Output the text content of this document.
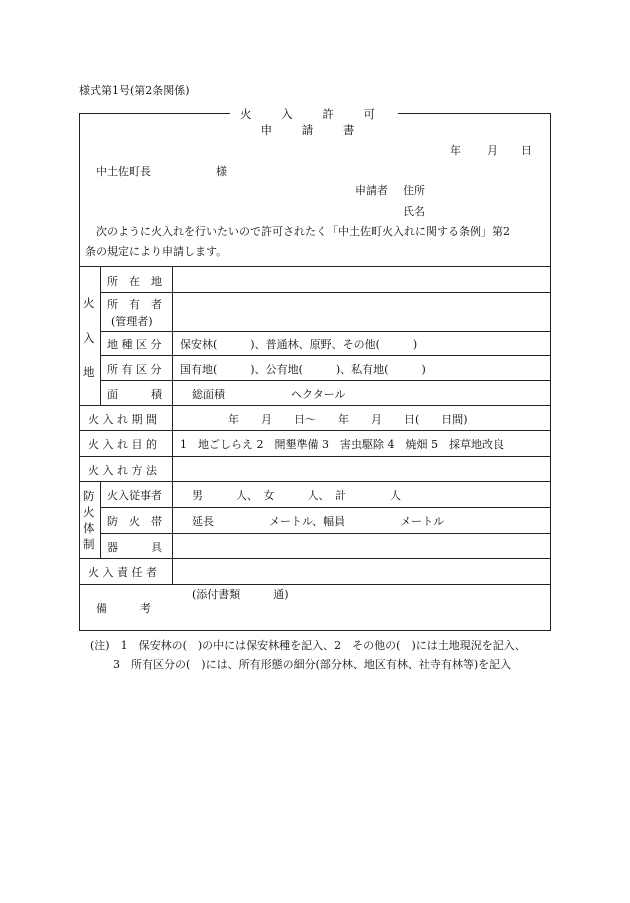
様式第1号(第2条関係)
火 入 許 可 申 請 書
年 月 日
中土佐町長	様
申請者 住所
氏名
次のように火入れを行いたいので許可されたく「中土佐町火入れに関する条例」第2
条の規定により申請します。
火
入
地
防
火
体
制
所　在　地
所　有　者
(管理者)
地 種 区 分
所 有 区 分
面　　　積
火 入 れ 期 間
火 入 れ 目 的
火 入 れ 方 法
火入従事者
防　火　帯
器　　　具
火 入 責 任 者
備　　　考
保安林(　　　)、普通林、原野、その他(　　　)
国有地(　　　)、公有地(　　　)、私有地(　　　)
総面積　　　　　　ヘクタール
年　　月　　日～　　年　　月　　日(　　日間)
1　地ごしらえ 2　開墾準備 3　害虫駆除 4　焼畑 5　採草地改良
男　　　人、　女　　　人、　計　　　　人
延長　　　　　メートル、幅員　　　　　メートル
(添付書類　　　通)
(注)　1　保安林の(　)の中には保安林種を記入、2　その他の(　)には土地現況を記入、
3　所有区分の(　)には、所有形態の細分(部分林、地区有林、社寺有林等)を記入
